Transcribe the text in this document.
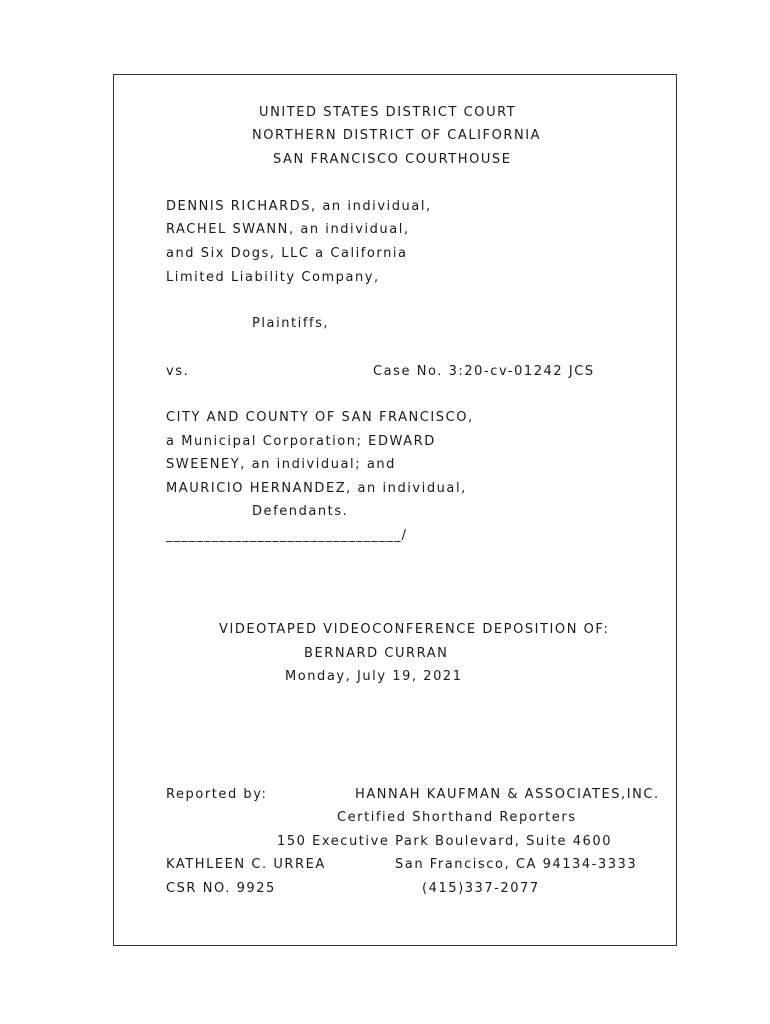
UNITED STATES DISTRICT COURT
NORTHERN DISTRICT OF CALIFORNIA
SAN FRANCISCO COURTHOUSE
DENNIS RICHARDS, an individual,
RACHEL SWANN, an individual,
and Six Dogs, LLC a California
Limited Liability Company,
Plaintiffs,
vs.	Case No. 3:20-cv-01242 JCS
CITY AND COUNTY OF SAN FRANCISCO,
a Municipal Corporation; EDWARD
SWEENEY, an individual; and
MAURICIO HERNANDEZ, an individual,
Defendants.
_______________________________/
VIDEOTAPED VIDEOCONFERENCE DEPOSITION OF:
BERNARD CURRAN
Monday, July 19, 2021
Reported by:	HANNAH KAUFMAN & ASSOCIATES,INC.
Certified Shorthand Reporters
150 Executive Park Boulevard, Suite 4600
KATHLEEN C. URREA	San Francisco, CA 94134-3333
CSR NO. 9925	(415)337-2077
